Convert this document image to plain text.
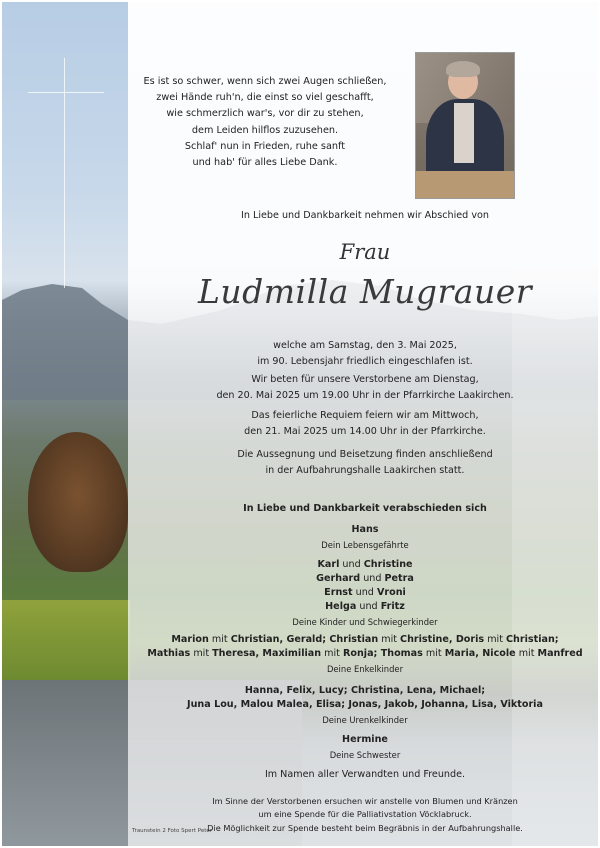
Es ist so schwer, wenn sich zwei Augen schließen,
zwei Hände ruh'n, die einst so viel geschafft,
wie schmerzlich war's, vor dir zu stehen,
dem Leiden hilflos zuzusehen.
Schlaf' nun in Frieden, ruhe sanft
und hab' für alles Liebe Dank.
In Liebe und Dankbarkeit nehmen wir Abschied von
Frau
Ludmilla Mugrauer
welche am Samstag, den 3. Mai 2025,
im 90. Lebensjahr friedlich eingeschlafen ist.
Wir beten für unsere Verstorbene am Dienstag,
den 20. Mai 2025 um 19.00 Uhr in der Pfarrkirche Laakirchen.
Das feierliche Requiem feiern wir am Mittwoch,
den 21. Mai 2025 um 14.00 Uhr in der Pfarrkirche.
Die Aussegnung und Beisetzung finden anschließend
in der Aufbahrungshalle Laakirchen statt.
In Liebe und Dankbarkeit verabschieden sich
Hans
Dein Lebensgefährte
Karl und Christine
Gerhard und Petra
Ernst und Vroni
Helga und Fritz
Deine Kinder und Schwiegerkinder
Marion mit Christian, Gerald; Christian mit Christine, Doris mit Christian;
Mathias mit Theresa, Maximilian mit Ronja; Thomas mit Maria, Nicole mit Manfred
Deine Enkelkinder
Hanna, Felix, Lucy; Christina, Lena, Michael;
Juna Lou, Malou Malea, Elisa; Jonas, Jakob, Johanna, Lisa, Viktoria
Deine Urenkelkinder
Hermine
Deine Schwester
Im Namen aller Verwandten und Freunde.
Im Sinne der Verstorbenen ersuchen wir anstelle von Blumen und Kränzen
um eine Spende für die Palliativstation Vöcklabruck.
Die Möglichkeit zur Spende besteht beim Begräbnis in der Aufbahrungshalle.
Traunstein 2 Foto Spert Peter
